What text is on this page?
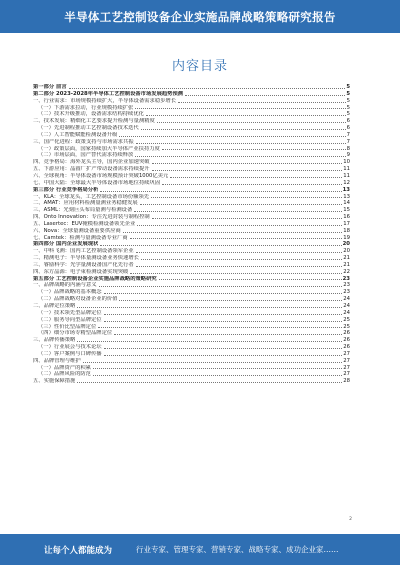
半导体工艺控制设备企业实施品牌战略策略研究报告
内容目录
第一部分 前言	5
第二部分 2023-2028年半导体工艺控制设备市场发展趋势预测	5
一、行业需求：市场规模持续扩大，半导体设备需求稳步增长	5
（一）下游需求拉动，行业规模持续扩张	5
（二）技术升级推动，设备需求结构持续优化	5
二、技术发展：精细化工艺要求提升检测与量测精度	6
（一）先进制程推动工艺控制设备技术迭代	6
（二）人工智能赋能检测设备升级	7
三、国产化进程：政策支持与市场需求共振	7
（一）政策层面，国家持续加大半导体产业扶持力度	8
（二）市场层面，国产替代需求持续释放	9
四、竞争格局：海外龙头主导，国内企业加速突破	10
五、下游应用：晶圆厂扩产带动设备需求持续提升	11
六、全球视角：半导体设备市场规模预计突破1000亿美元	11
七、中国大陆：全球最大半导体设备市场地位持续巩固	12
第三部分 行业竞争格局分析	13
一、KLA：全球龙头，工艺控制设备市场份额领先	13
二、AMAT：应用材料检测量测业务稳健发展	14
三、ASML：光刻巨头布局量测与检测设备	15
四、Onto Innovation：专注先进封装与制程控制	16
五、Lasertec：EUV掩模检测设备领先企业	17
六、Nova：全球量测设备重要供应商	18
七、Camtek：检测与量测设备专业厂商	19
第四部分 国内企业发展现状	20
一、中科飞测：国内工艺控制设备领军企业	20
二、精测电子：半导体量测设备业务快速增长	21
三、睿励科学：光学量测设备国产化先行者	21
四、东方晶源：电子束检测设备实现突破	22
第五部分 工艺控制设备企业实施品牌战略的策略研究	23
一、品牌战略的内涵与意义	23
（一）品牌战略的基本概念	23
（二）品牌战略对设备企业的价值	24
二、品牌定位策略	24
（一）技术领先型品牌定位	24
（二）服务导向型品牌定位	25
（三）性价比型品牌定位	25
（四）细分市场专精型品牌定位	26
三、品牌传播策略	26
（一）行业展会与技术论坛	26
（二）客户案例与口碑传播	27
四、品牌管理与维护	27
（一）品牌资产的积累	27
（二）品牌风险的防范	27
五、实施保障措施	28
2
让每个人都能成为	行业专家、管理专家、营销专家、战略专家、成功企业家……
